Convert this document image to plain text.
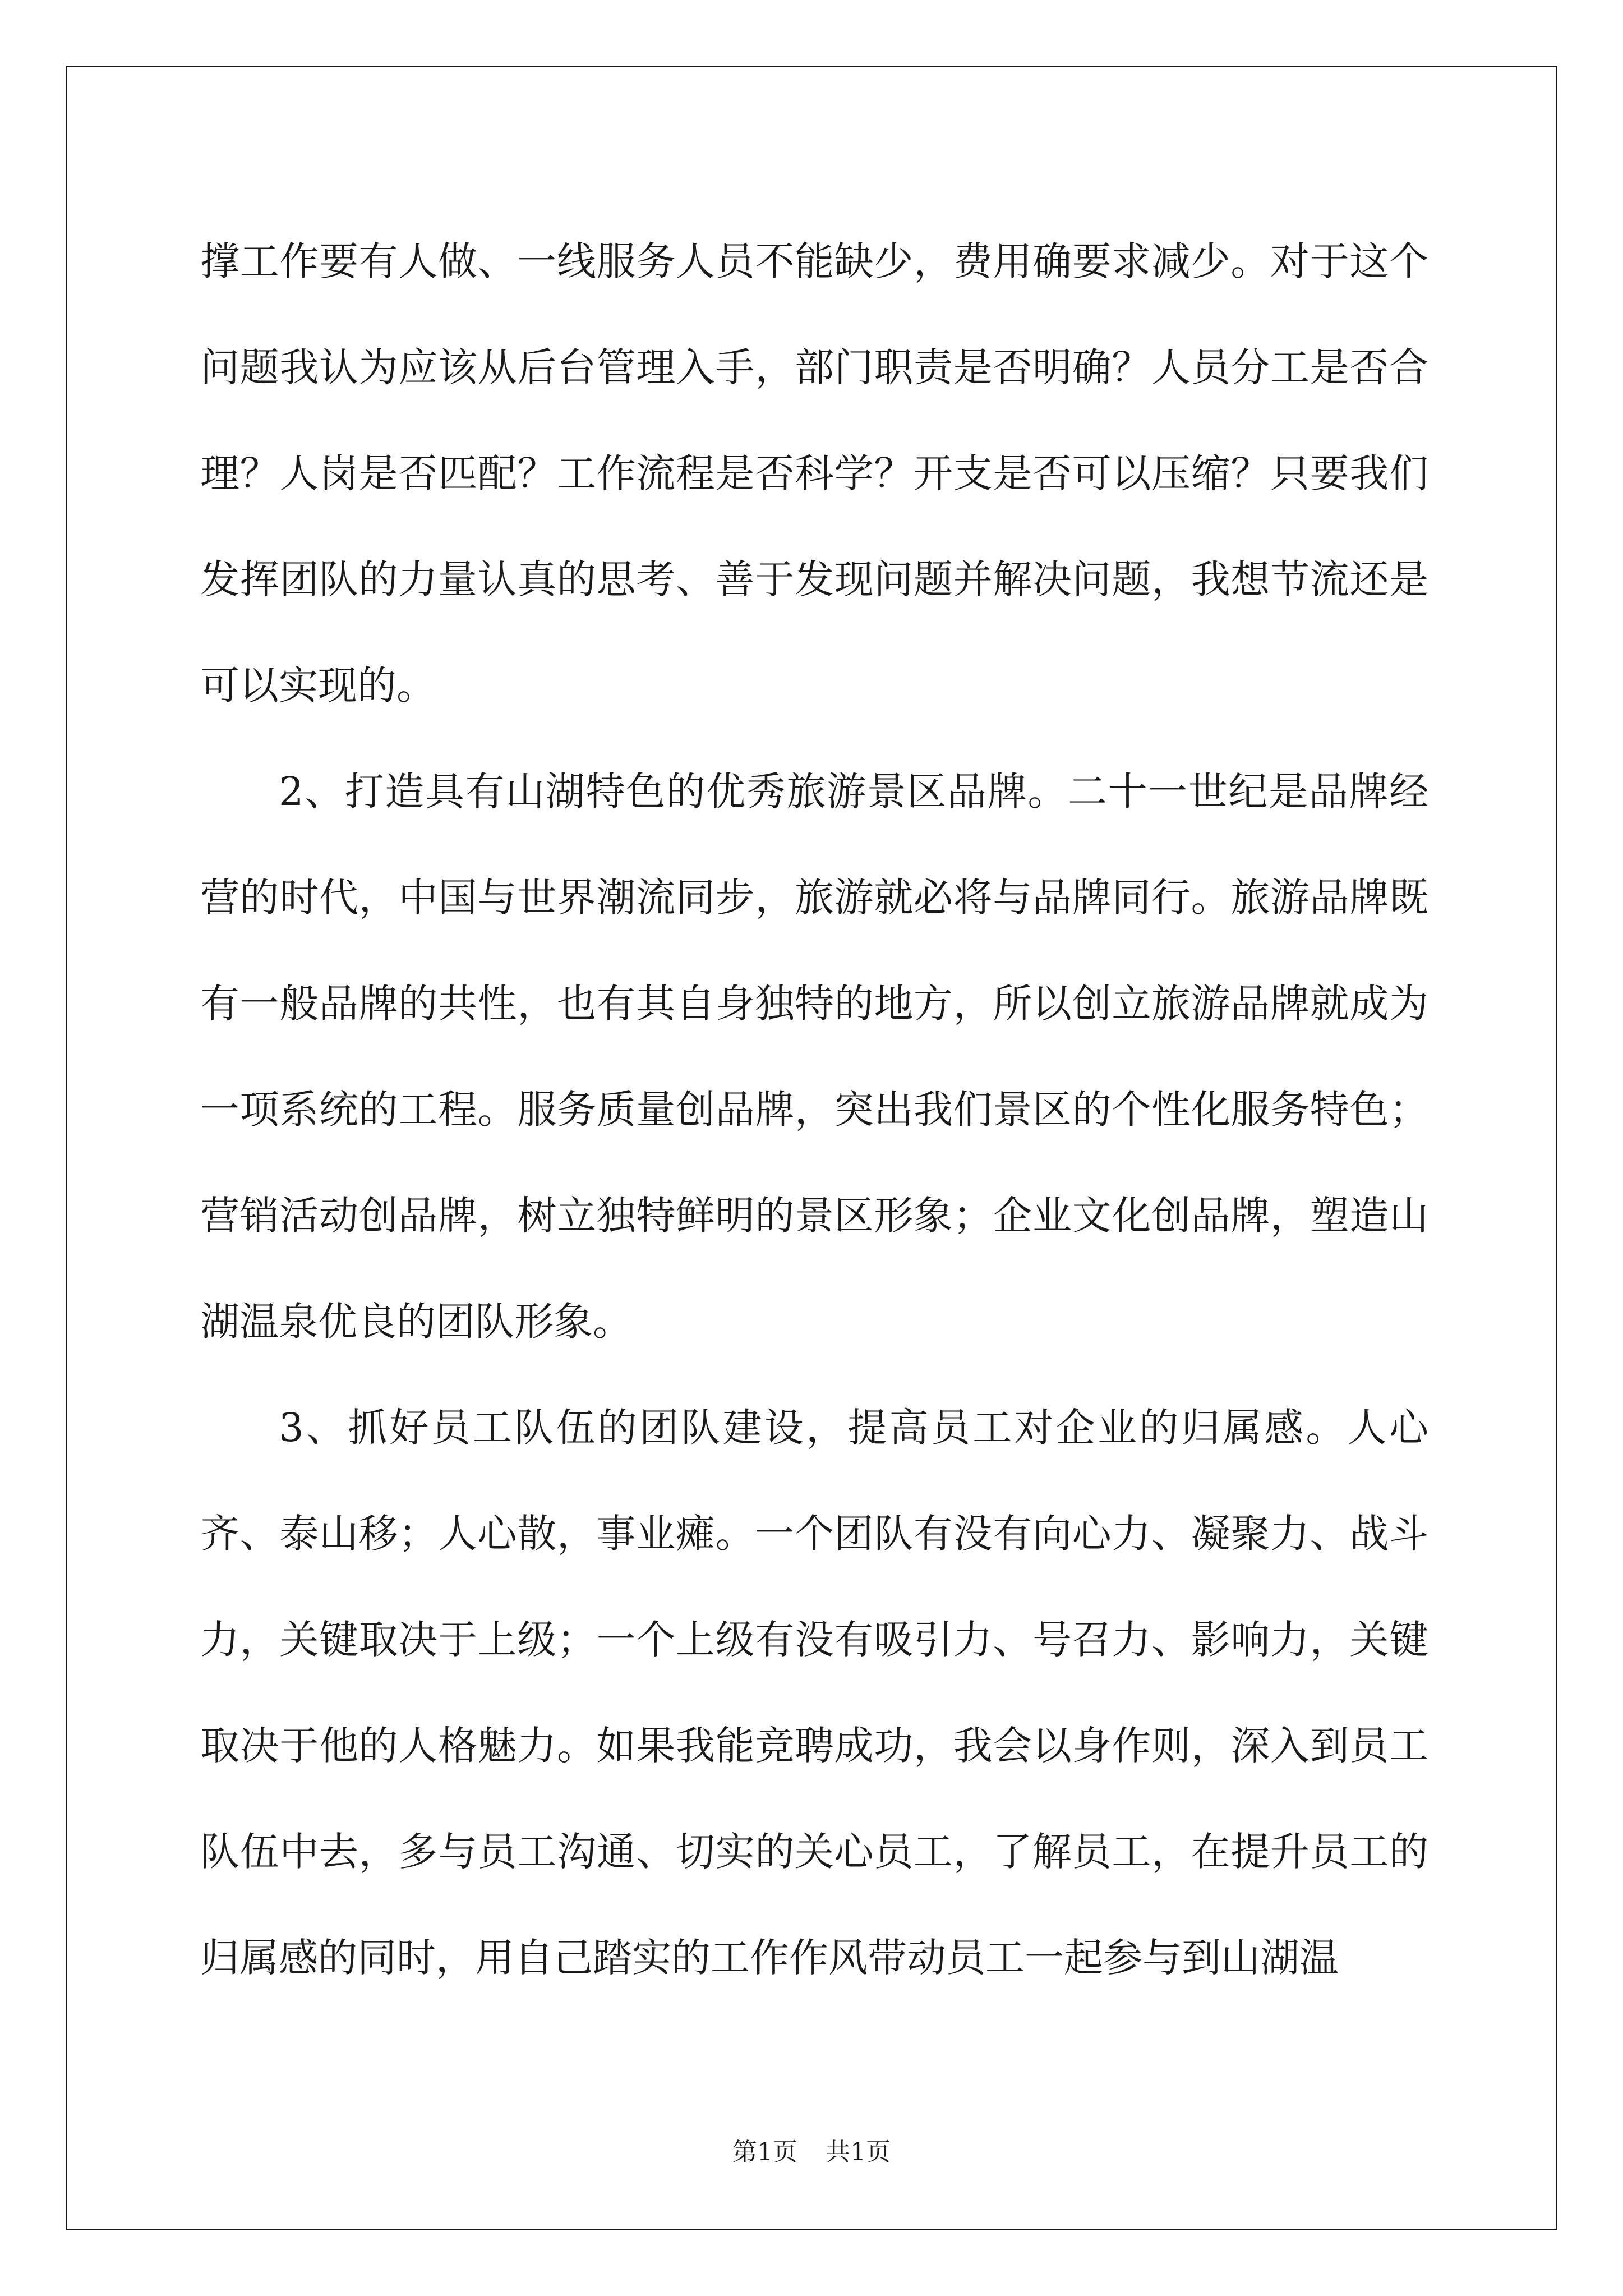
撑工作要有人做、一线服务人员不能缺少，费用确要求减少。对于这个问题我认为应该从后台管理入手，部门职责是否明确？人员分工是否合理？人岗是否匹配？工作流程是否科学？开支是否可以压缩？只要我们发挥团队的力量认真的思考、善于发现问题并解决问题，我想节流还是可以实现的。

2、打造具有山湖特色的优秀旅游景区品牌。二十一世纪是品牌经营的时代，中国与世界潮流同步，旅游就必将与品牌同行。旅游品牌既有一般品牌的共性，也有其自身独特的地方，所以创立旅游品牌就成为一项系统的工程。服务质量创品牌，突出我们景区的个性化服务特色；营销活动创品牌，树立独特鲜明的景区形象；企业文化创品牌，塑造山湖温泉优良的团队形象。

3、抓好员工队伍的团队建设，提高员工对企业的归属感。人心齐、泰山移；人心散，事业瘫。一个团队有没有向心力、凝聚力、战斗力，关键取决于上级；一个上级有没有吸引力、号召力、影响力，关键取决于他的人格魅力。如果我能竞聘成功，我会以身作则，深入到员工队伍中去，多与员工沟通、切实的关心员工，了解员工，在提升员工的归属感的同时，用自己踏实的工作作风带动员工一起参与到山湖温

第1页 共1页
